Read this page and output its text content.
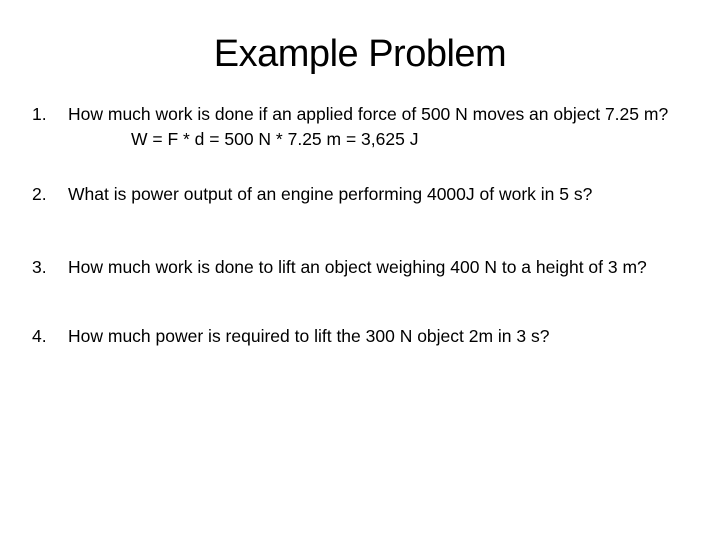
Example Problem
1. How much work is done if an applied force of 500 N moves an object 7.25 m?
W = F * d = 500 N * 7.25 m = 3,625 J
2. What is power output of an engine performing 4000J of work in 5 s?
3. How much work is done to lift an object weighing 400 N to a height of 3 m?
4. How much power is required to lift the 300 N object 2m in 3 s?
